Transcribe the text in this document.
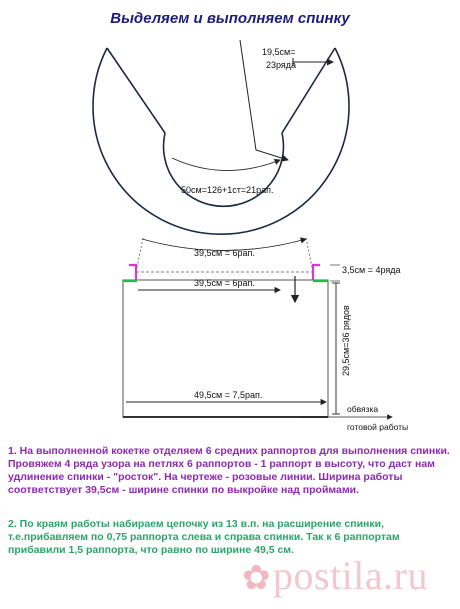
Выделяем и выполняем спинку
19,5см=
23ряда
50см=126+1ст=21рап.
39,5см = 6рап.
39,5см = 6рап.
3,5см = 4ряда
29,5см=36 рядов
49,5см = 7,5рап.
обвязка
готовой работы
1. На выполненной кокетке отделяем 6 средних раппортов для выполнения спинки. Провяжем 4 ряда узора на петлях 6 раппортов - 1 раппорт в высоту, что даст нам удлинение спинки - "росток". На чертеже - розовые линии. Ширина работы соответствует 39,5см - ширине спинки по выкройке над проймами.
2. По краям работы набираем цепочку из 13 в.п. на расширение спинки, т.е.прибавляем по 0,75 раппорта слева и справа спинки. Так к 6 раппортам прибавили 1,5 раппорта, что равно по ширине 49,5 см.
✿postila.ru
